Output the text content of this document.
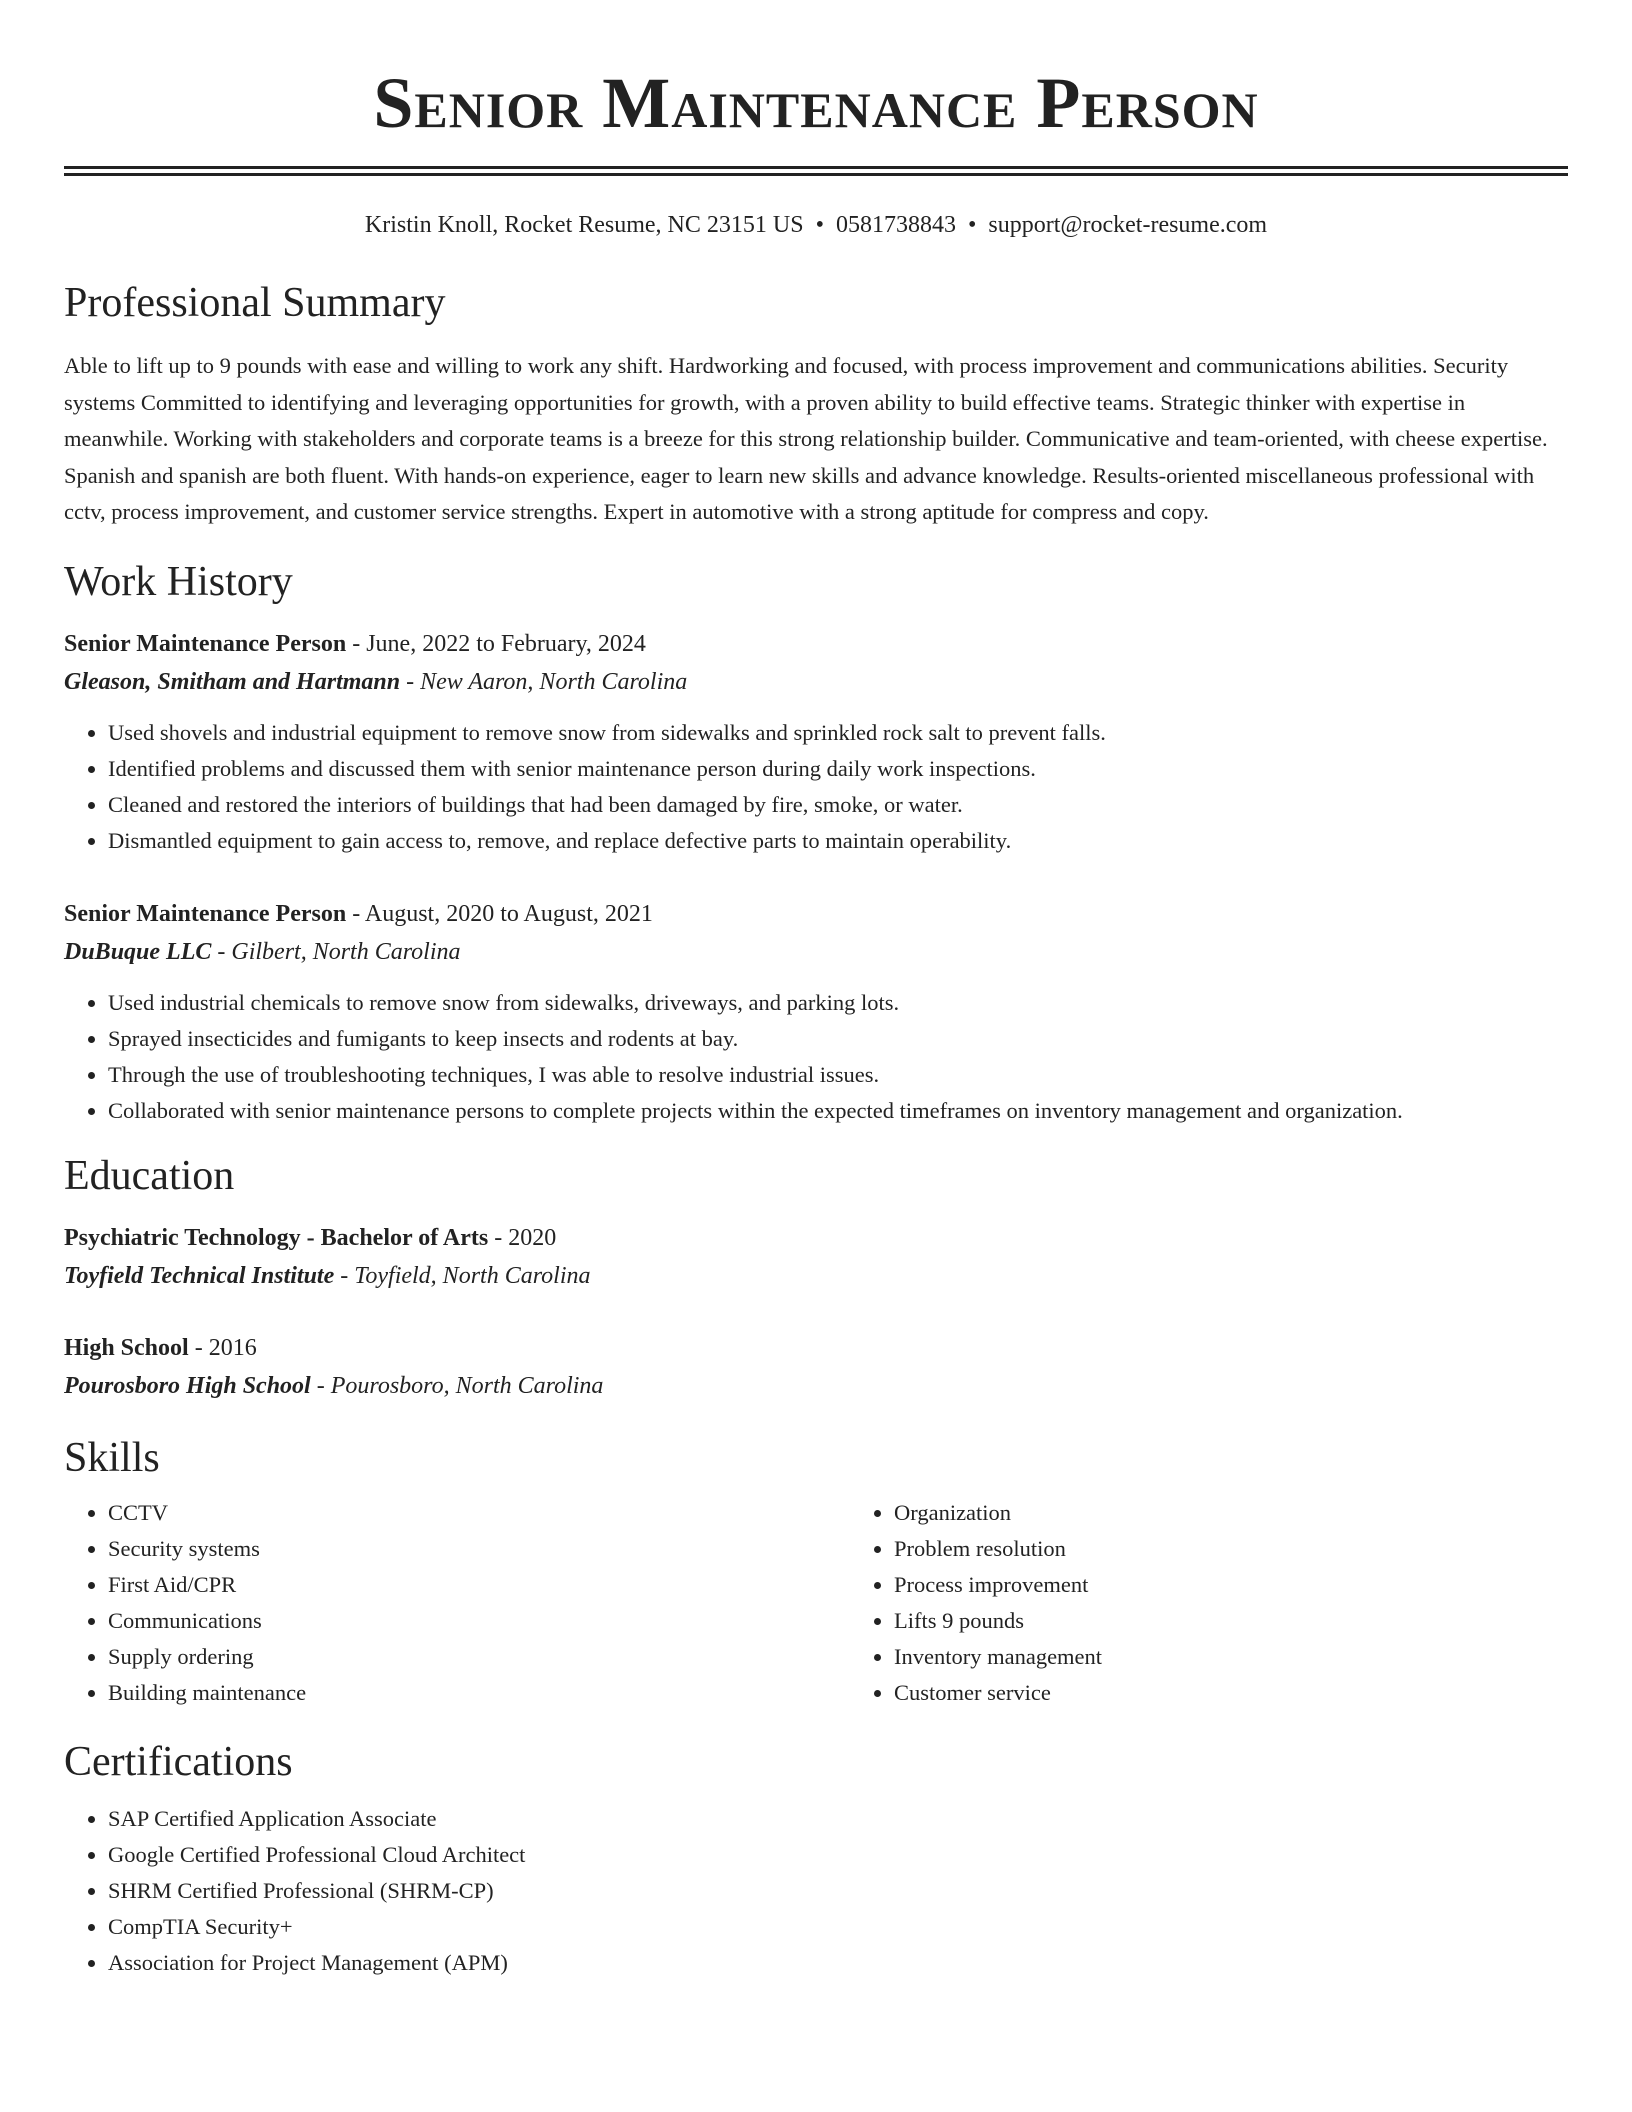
Senior Maintenance Person
Kristin Knoll, Rocket Resume, NC 23151 US • 0581738843 • support@rocket-resume.com
Professional Summary
Able to lift up to 9 pounds with ease and willing to work any shift. Hardworking and focused, with process improvement and communications abilities. Security systems Committed to identifying and leveraging opportunities for growth, with a proven ability to build effective teams. Strategic thinker with expertise in meanwhile. Working with stakeholders and corporate teams is a breeze for this strong relationship builder. Communicative and team-oriented, with cheese expertise. Spanish and spanish are both fluent. With hands-on experience, eager to learn new skills and advance knowledge. Results-oriented miscellaneous professional with cctv, process improvement, and customer service strengths. Expert in automotive with a strong aptitude for compress and copy.
Work History
Senior Maintenance Person - June, 2022 to February, 2024
Gleason, Smitham and Hartmann - New Aaron, North Carolina
• Used shovels and industrial equipment to remove snow from sidewalks and sprinkled rock salt to prevent falls.
• Identified problems and discussed them with senior maintenance person during daily work inspections.
• Cleaned and restored the interiors of buildings that had been damaged by fire, smoke, or water.
• Dismantled equipment to gain access to, remove, and replace defective parts to maintain operability.
Senior Maintenance Person - August, 2020 to August, 2021
DuBuque LLC - Gilbert, North Carolina
• Used industrial chemicals to remove snow from sidewalks, driveways, and parking lots.
• Sprayed insecticides and fumigants to keep insects and rodents at bay.
• Through the use of troubleshooting techniques, I was able to resolve industrial issues.
• Collaborated with senior maintenance persons to complete projects within the expected timeframes on inventory management and organization.
Education
Psychiatric Technology - Bachelor of Arts - 2020
Toyfield Technical Institute - Toyfield, North Carolina
High School - 2016
Pourosboro High School - Pourosboro, North Carolina
Skills
• CCTV
• Security systems
• First Aid/CPR
• Communications
• Supply ordering
• Building maintenance
• Organization
• Problem resolution
• Process improvement
• Lifts 9 pounds
• Inventory management
• Customer service
Certifications
• SAP Certified Application Associate
• Google Certified Professional Cloud Architect
• SHRM Certified Professional (SHRM-CP)
• CompTIA Security+
• Association for Project Management (APM)
